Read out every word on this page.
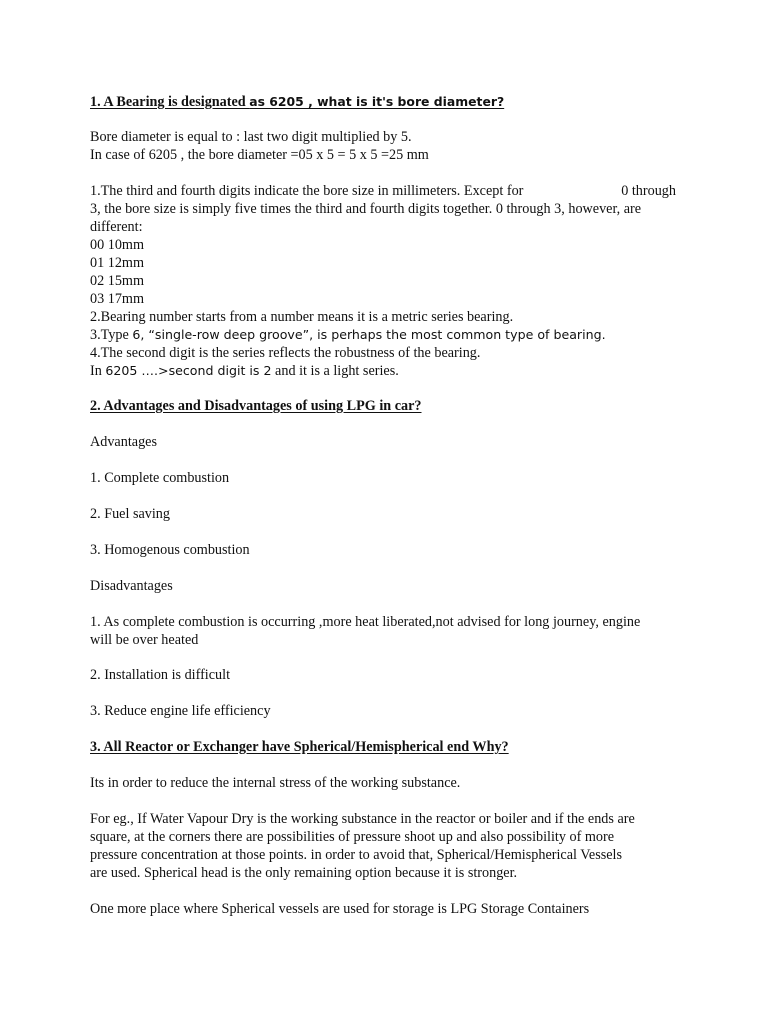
1. A Bearing is designated as 6205 , what is it's bore diameter?
Bore diameter is equal to : last two digit multiplied by 5.
In case of 6205 , the bore diameter =05 x 5 = 5 x 5 =25 mm
1.The third and fourth digits indicate the bore size in millimeters. Except for	0 through
3, the bore size is simply five times the third and fourth digits together. 0 through 3, however, are
different:
00 10mm
01 12mm
02 15mm
03 17mm
2.Bearing number starts from a number means it is a metric series bearing.
3.Type 6, “single-row deep groove”, is perhaps the most common type of bearing.
4.The second digit is the series reflects the robustness of the bearing.
In 6205 ….>second digit is 2 and it is a light series.
2. Advantages and Disadvantages of using LPG in car?
Advantages
1. Complete combustion
2. Fuel saving
3. Homogenous combustion
Disadvantages
1. As complete combustion is occurring ,more heat liberated,not advised for long journey, engine
will be over heated
2. Installation is difficult
3. Reduce engine life efficiency
3. All Reactor or Exchanger have Spherical/Hemispherical end Why?
Its in order to reduce the internal stress of the working substance.
For eg., If Water Vapour Dry is the working substance in the reactor or boiler and if the ends are
square, at the corners there are possibilities of pressure shoot up and also possibility of more
pressure concentration at those points. in order to avoid that, Spherical/Hemispherical Vessels
are used. Spherical head is the only remaining option because it is stronger.
One more place where Spherical vessels are used for storage is LPG Storage Containers
